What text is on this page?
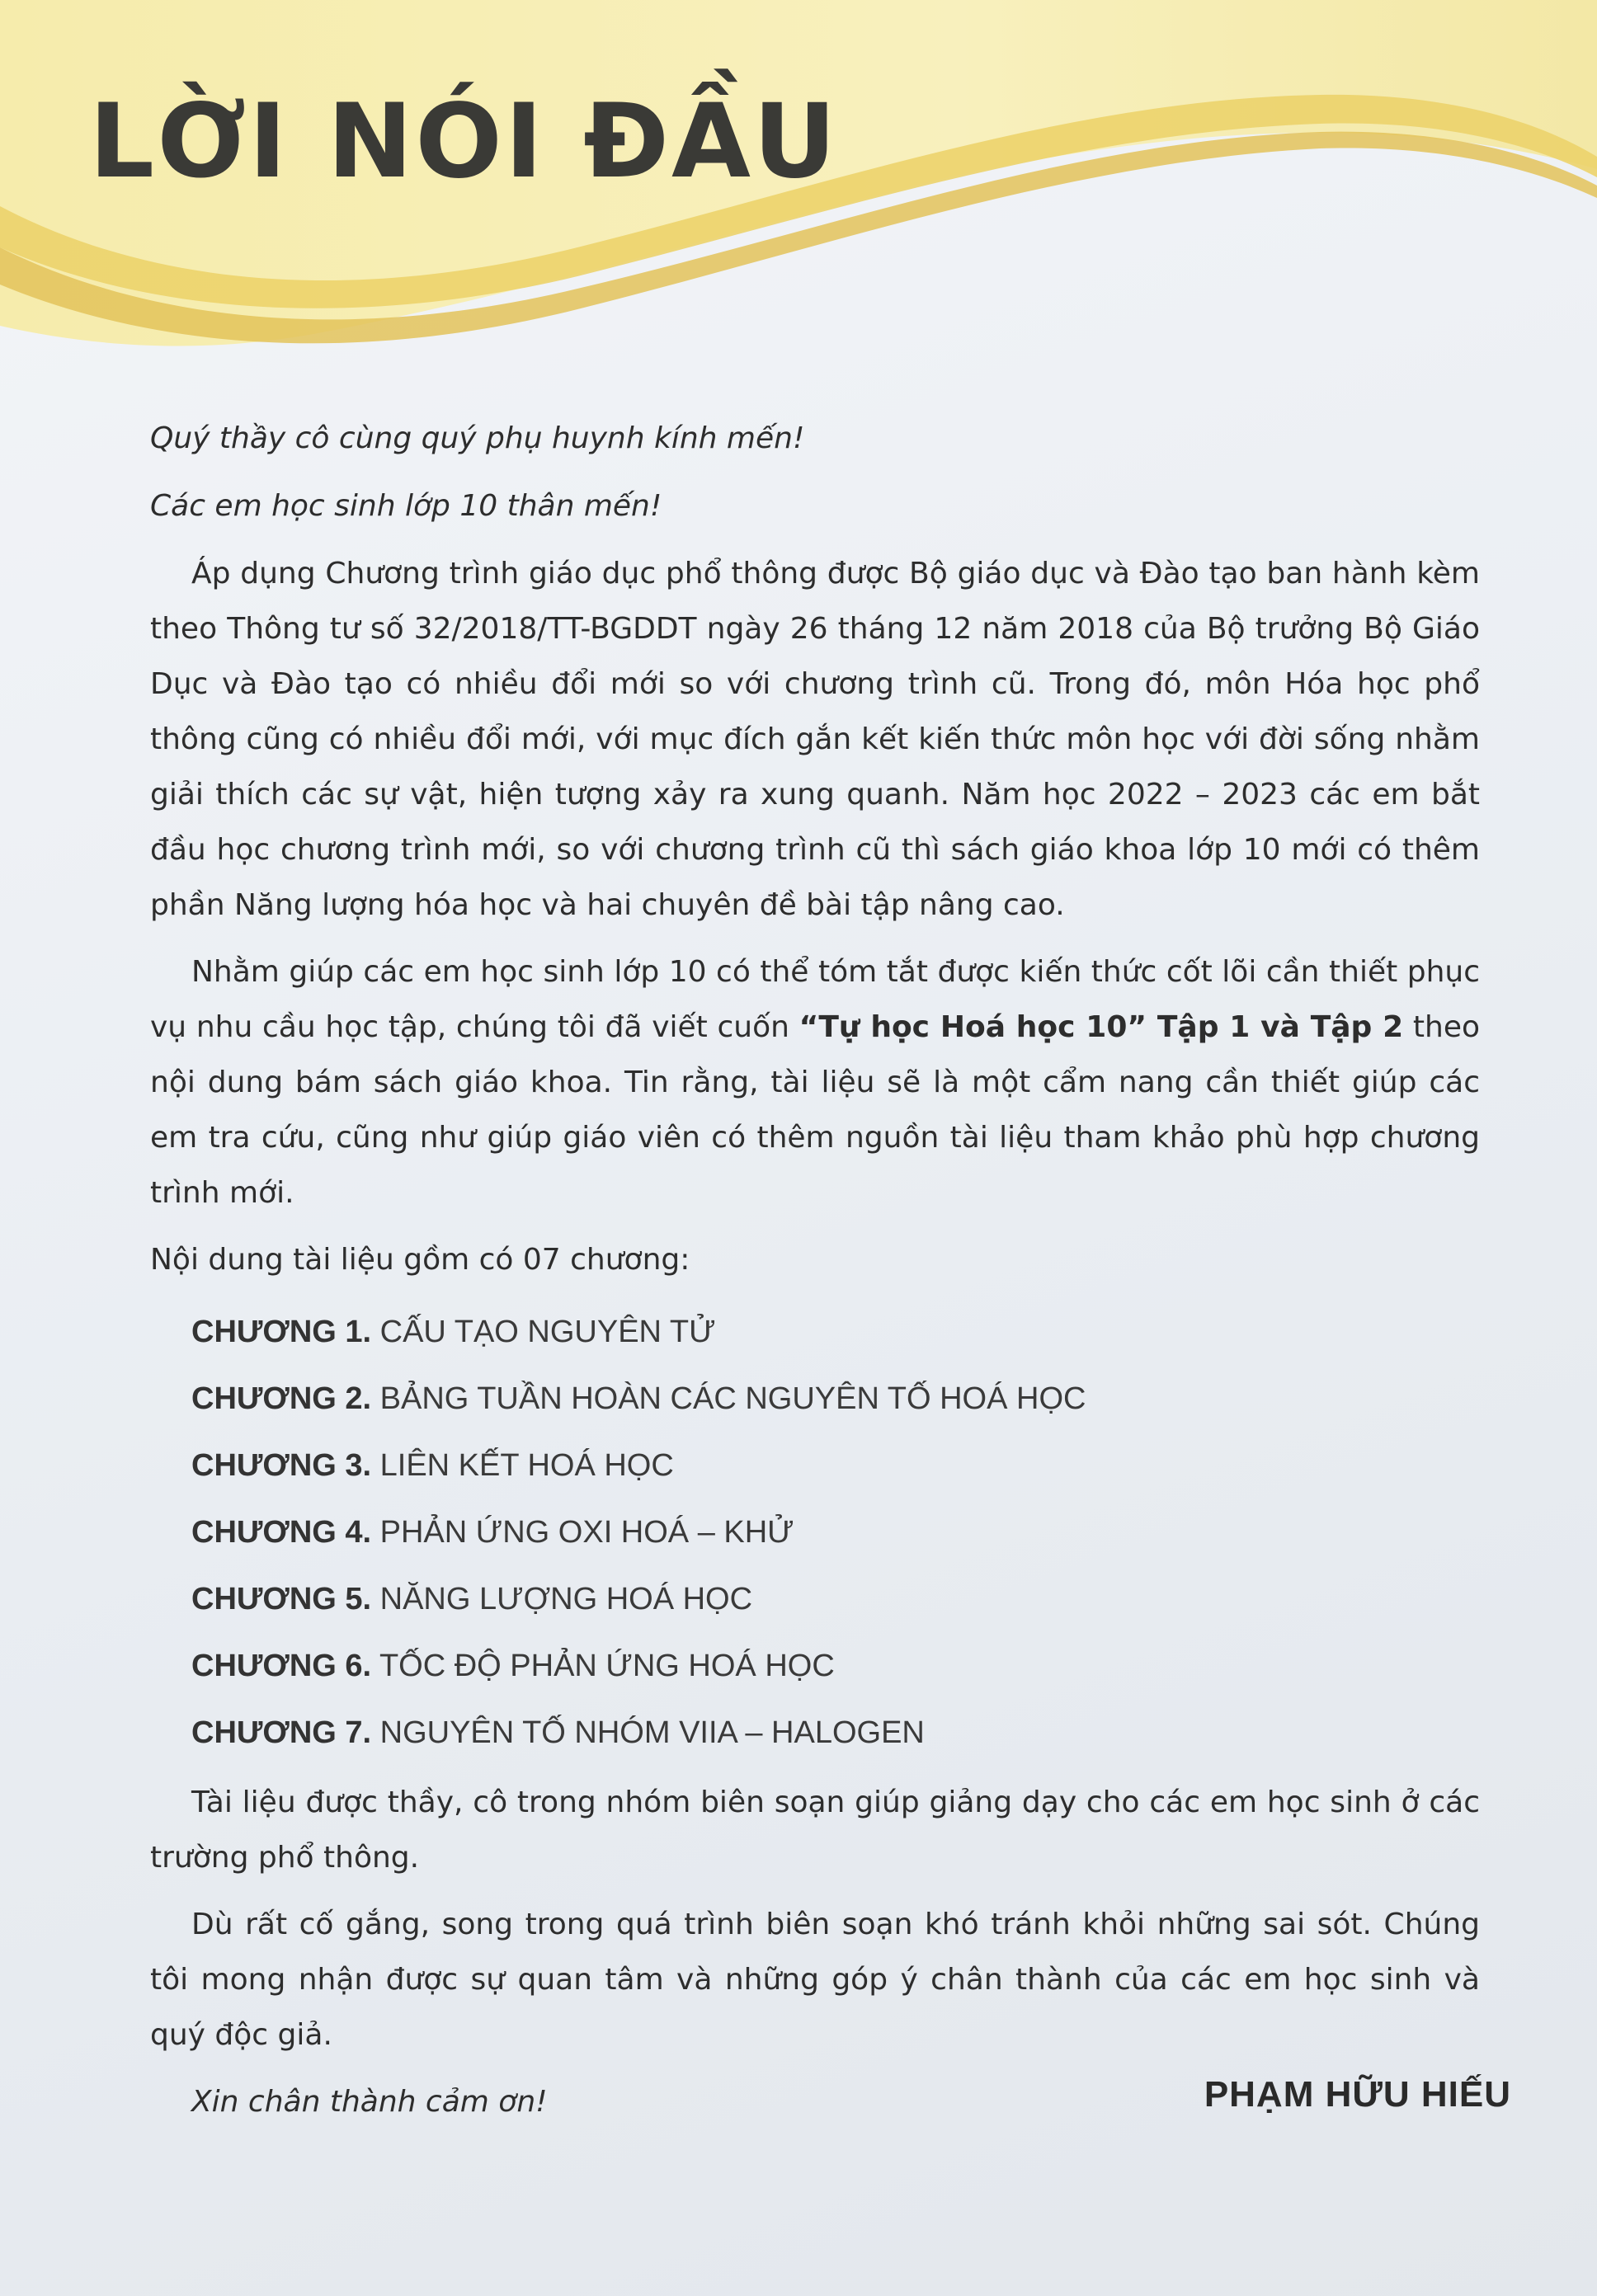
LỜI NÓI ĐẦU

Quý thầy cô cùng quý phụ huynh kính mến!

Các em học sinh lớp 10 thân mến!

Áp dụng Chương trình giáo dục phổ thông được Bộ giáo dục và Đào tạo ban hành kèm theo Thông tư số 32/2018/TT-BGDDT ngày 26 tháng 12 năm 2018 của Bộ trưởng Bộ Giáo Dục và Đào tạo có nhiều đổi mới so với chương trình cũ. Trong đó, môn Hóa học phổ thông cũng có nhiều đổi mới, với mục đích gắn kết kiến thức môn học với đời sống nhằm giải thích các sự vật, hiện tượng xảy ra xung quanh. Năm học 2022 – 2023 các em bắt đầu học chương trình mới, so với chương trình cũ thì sách giáo khoa lớp 10 mới có thêm phần Năng lượng hóa học và hai chuyên đề bài tập nâng cao.

Nhằm giúp các em học sinh lớp 10 có thể tóm tắt được kiến thức cốt lõi cần thiết phục vụ nhu cầu học tập, chúng tôi đã viết cuốn “Tự học Hoá học 10” Tập 1 và Tập 2 theo nội dung bám sách giáo khoa. Tin rằng, tài liệu sẽ là một cẩm nang cần thiết giúp các em tra cứu, cũng như giúp giáo viên có thêm nguồn tài liệu tham khảo phù hợp chương trình mới.

Nội dung tài liệu gồm có 07 chương:

CHƯƠNG 1. CẤU TẠO NGUYÊN TỬ
CHƯƠNG 2. BẢNG TUẦN HOÀN CÁC NGUYÊN TỐ HOÁ HỌC
CHƯƠNG 3. LIÊN KẾT HOÁ HỌC
CHƯƠNG 4. PHẢN ỨNG OXI HOÁ – KHỬ
CHƯƠNG 5. NĂNG LƯỢNG HOÁ HỌC
CHƯƠNG 6. TỐC ĐỘ PHẢN ỨNG HOÁ HỌC
CHƯƠNG 7. NGUYÊN TỐ NHÓM VIIA – HALOGEN

Tài liệu được thầy, cô trong nhóm biên soạn giúp giảng dạy cho các em học sinh ở các trường phổ thông.

Dù rất cố gắng, song trong quá trình biên soạn khó tránh khỏi những sai sót. Chúng tôi mong nhận được sự quan tâm và những góp ý chân thành của các em học sinh và quý độc giả.

Xin chân thành cảm ơn!	PHẠM HỮU HIẾU
